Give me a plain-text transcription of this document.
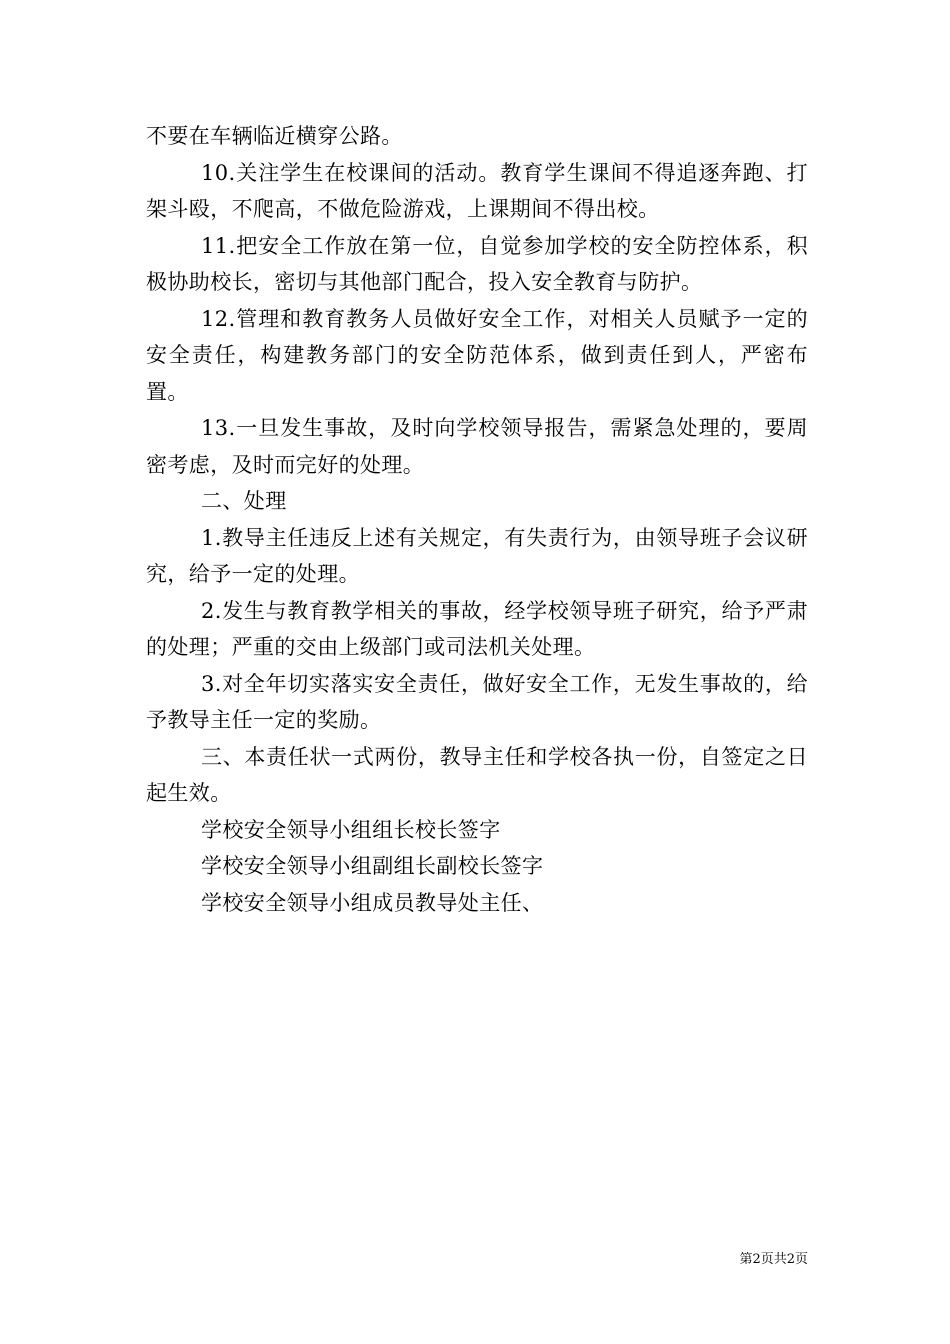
不要在车辆临近横穿公路。

10.关注学生在校课间的活动。教育学生课间不得追逐奔跑、打架斗殴，不爬高，不做危险游戏，上课期间不得出校。

11.把安全工作放在第一位，自觉参加学校的安全防控体系，积极协助校长，密切与其他部门配合，投入安全教育与防护。

12.管理和教育教务人员做好安全工作，对相关人员赋予一定的安全责任，构建教务部门的安全防范体系，做到责任到人，严密布置。

13.一旦发生事故，及时向学校领导报告，需紧急处理的，要周密考虑，及时而完好的处理。

二、处理

1.教导主任违反上述有关规定，有失责行为，由领导班子会议研究，给予一定的处理。

2.发生与教育教学相关的事故，经学校领导班子研究，给予严肃的处理；严重的交由上级部门或司法机关处理。

3.对全年切实落实安全责任，做好安全工作，无发生事故的，给予教导主任一定的奖励。

三、本责任状一式两份，教导主任和学校各执一份，自签定之日起生效。

学校安全领导小组组长校长签字

学校安全领导小组副组长副校长签字

学校安全领导小组成员教导处主任、

第2页共2页
